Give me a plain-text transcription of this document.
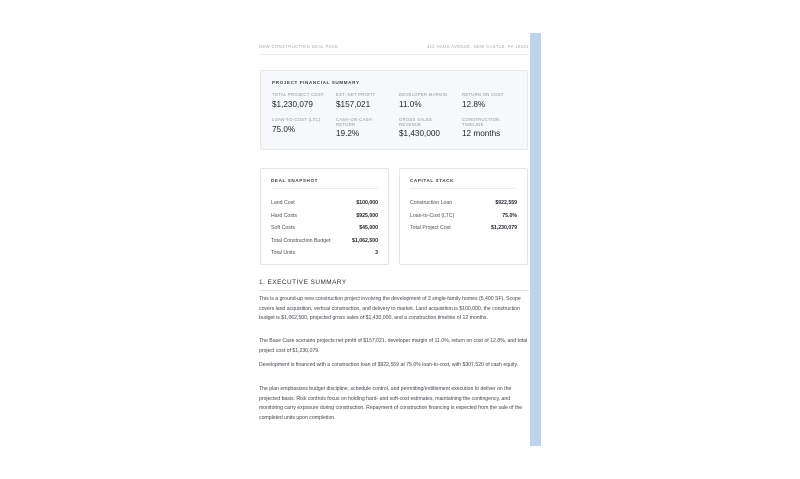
NEW CONSTRUCTION DEAL PACK	412 HAUS AVENUE, NEW CASTLE, PA 16101
PROJECT FINANCIAL SUMMARY
TOTAL PROJECT COST
$1,230,079
EST. NET PROFIT
$157,021
DEVELOPER MARGIN
11.0%
RETURN ON COST
12.8%
LOAN-TO-COST (LTC)
75.0%
CASH-ON-CASH RETURN
19.2%
GROSS SALES REVENUE
$1,430,000
CONSTRUCTION TIMELINE
12 months
DEAL SNAPSHOT
Land Cost	$100,000
Hard Costs	$925,000
Soft Costs	$45,000
Total Construction Budget	$1,062,500
Total Units	3
CAPITAL STACK
Construction Loan	$922,559
Loan-to-Cost (LTC)	75.0%
Total Project Cost	$1,230,079
1. EXECUTIVE SUMMARY

This is a ground-up new construction project involving the development of 3 single-family homes (5,400 SF). Scope covers land acquisition, vertical construction, and delivery to market. Land acquisition is $100,000, the construction budget is $1,062,500, projected gross sales of $1,430,000, and a construction timeline of 12 months.

The Base Case scenario projects net profit of $157,021, developer margin of 11.0%, return on cost of 12.8%, and total project cost of $1,230,079.

Development is financed with a construction loan of $922,559 at 75.0% loan-to-cost, with $307,520 of cash equity.

The plan emphasizes budget discipline, schedule control, and permitting/entitlement execution to deliver on the projected basis. Risk controls focus on holding hard- and soft-cost estimates, maintaining the contingency, and monitoring carry exposure during construction. Repayment of construction financing is expected from the sale of the completed units upon completion.
